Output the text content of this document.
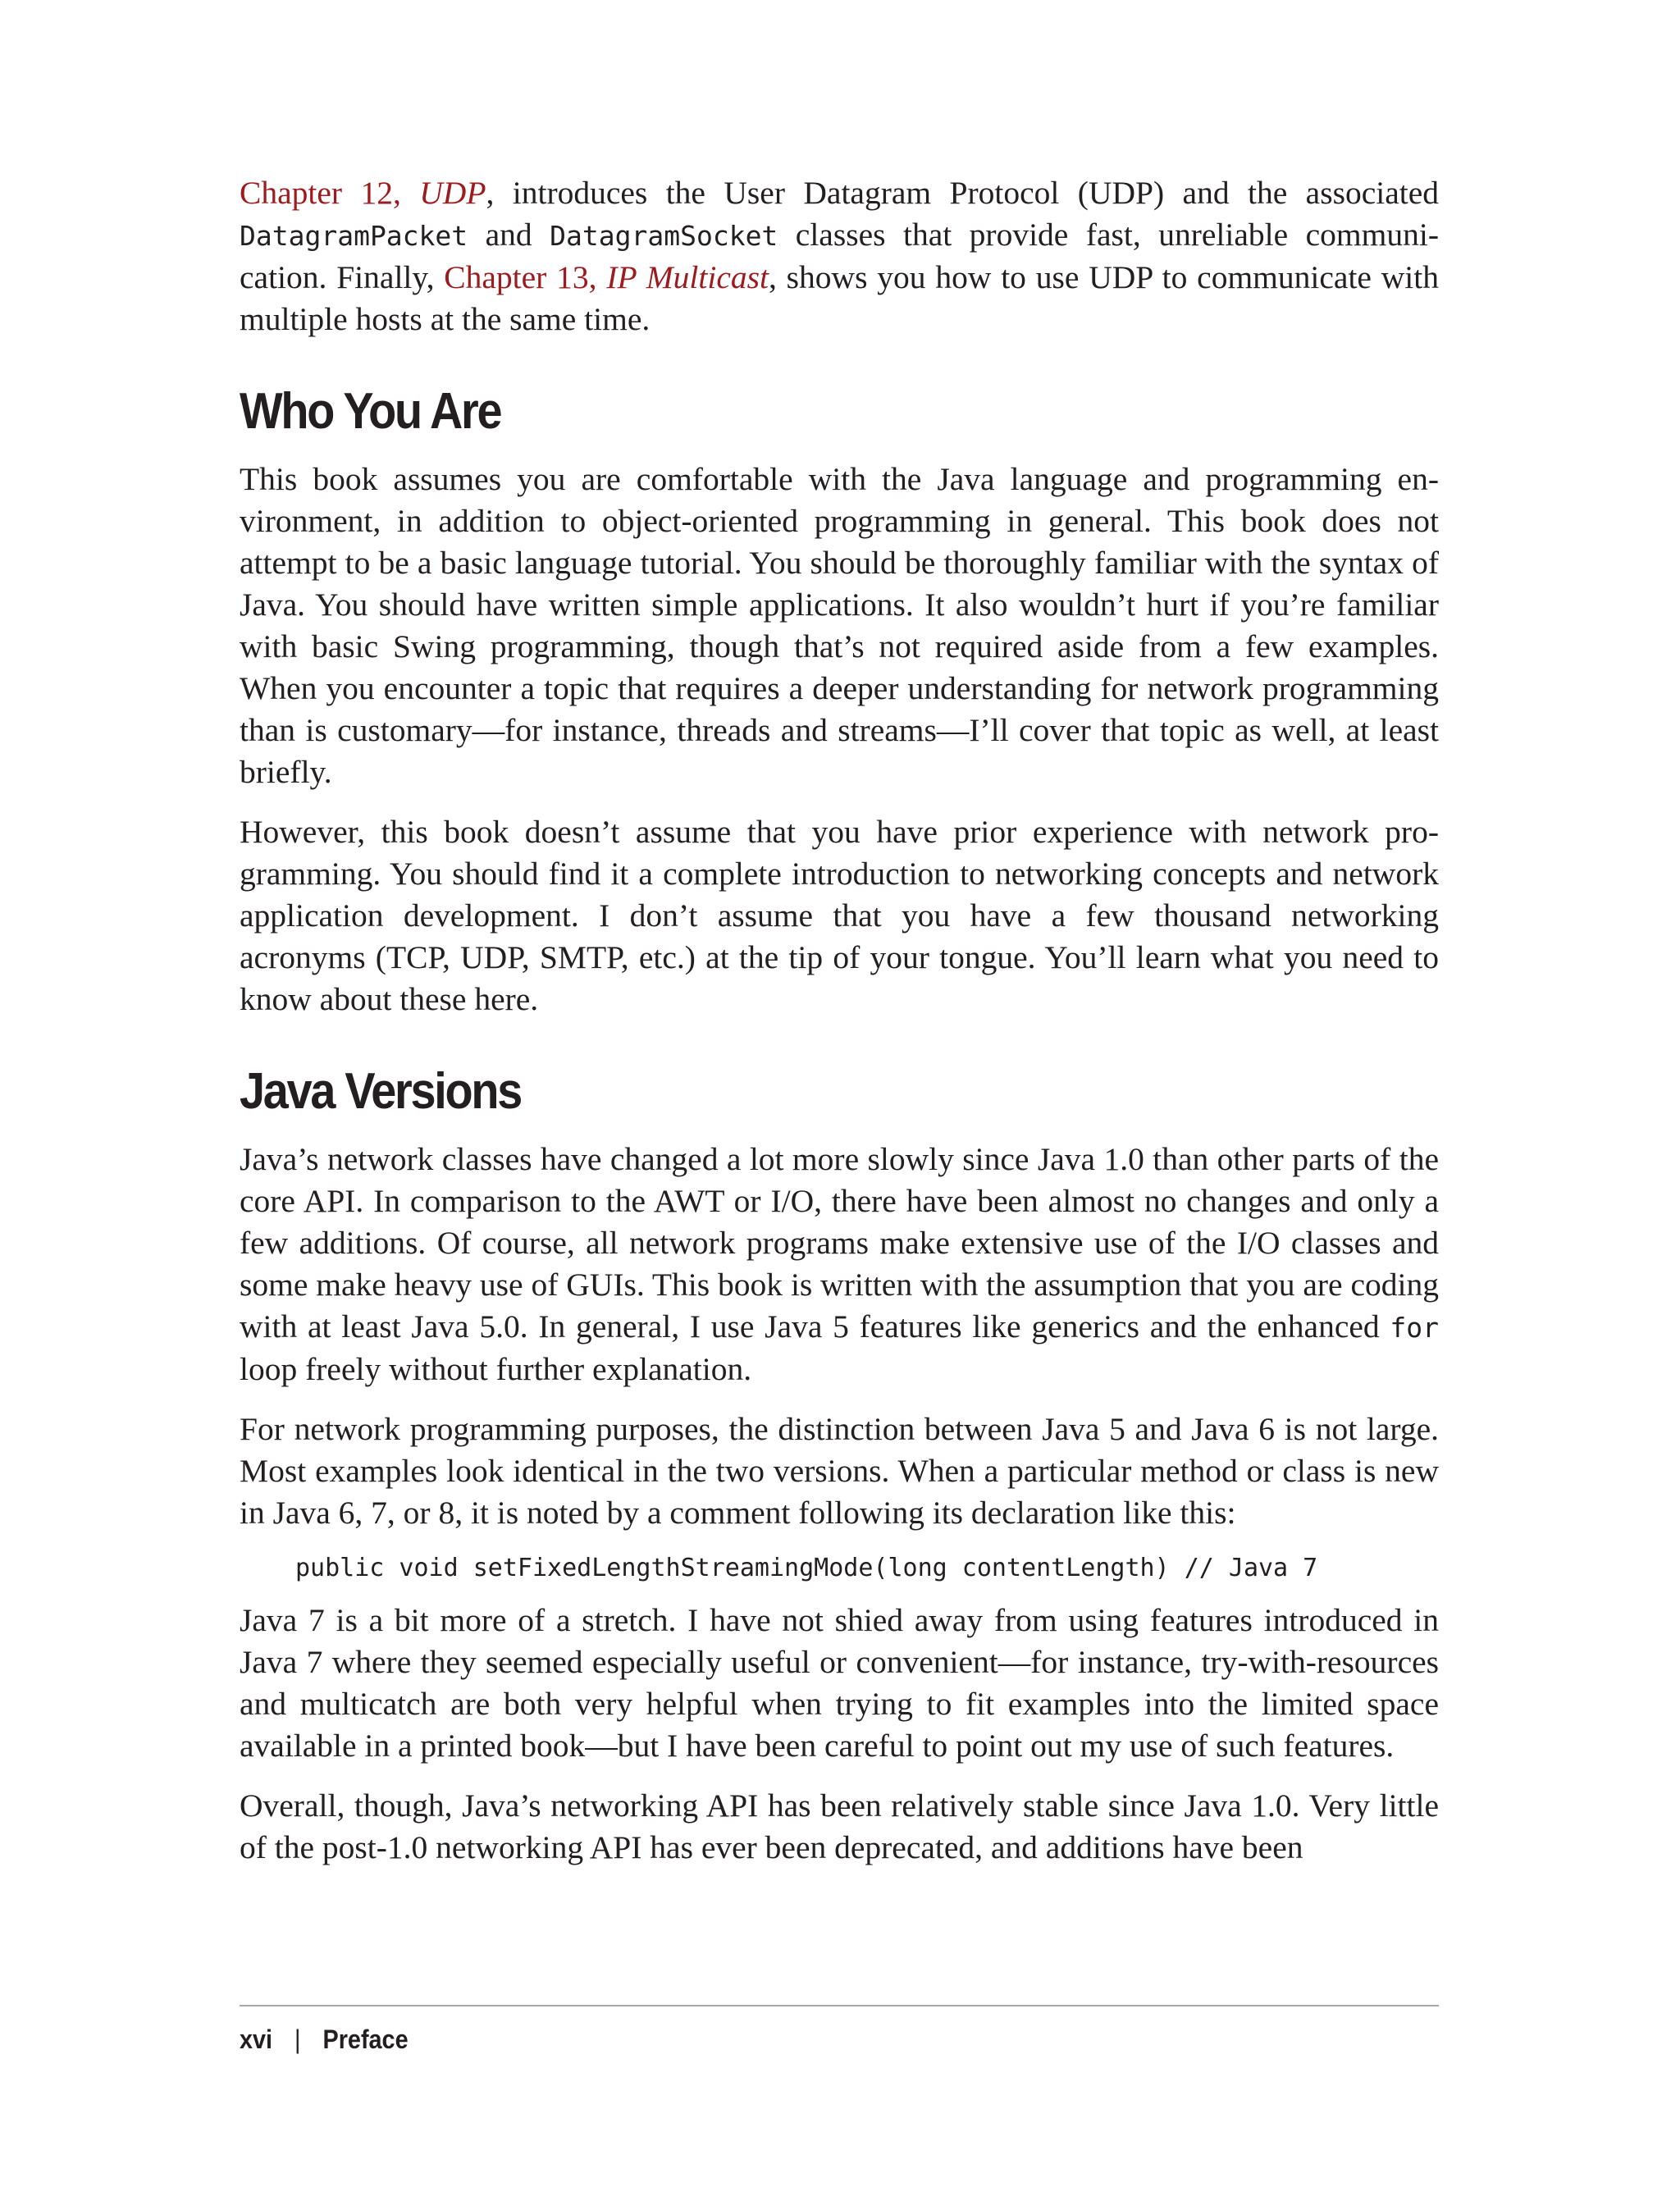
Chapter 12, UDP, introduces the User Datagram Protocol (UDP) and the associated DatagramPacket and DatagramSocket classes that provide fast, unreliable communication. Finally, Chapter 13, IP Multicast, shows you how to use UDP to communicate with multiple hosts at the same time.

Who You Are

This book assumes you are comfortable with the Java language and programming environment, in addition to object-oriented programming in general. This book does not attempt to be a basic language tutorial. You should be thoroughly familiar with the syntax of Java. You should have written simple applications. It also wouldn’t hurt if you’re familiar with basic Swing programming, though that’s not required aside from a few examples. When you encounter a topic that requires a deeper understanding for network programming than is customary—for instance, threads and streams—I’ll cover that topic as well, at least briefly.

However, this book doesn’t assume that you have prior experience with network programming. You should find it a complete introduction to networking concepts and network application development. I don’t assume that you have a few thousand networking acronyms (TCP, UDP, SMTP, etc.) at the tip of your tongue. You’ll learn what you need to know about these here.

Java Versions

Java’s network classes have changed a lot more slowly since Java 1.0 than other parts of the core API. In comparison to the AWT or I/O, there have been almost no changes and only a few additions. Of course, all network programs make extensive use of the I/O classes and some make heavy use of GUIs. This book is written with the assumption that you are coding with at least Java 5.0. In general, I use Java 5 features like generics and the enhanced for loop freely without further explanation.

For network programming purposes, the distinction between Java 5 and Java 6 is not large. Most examples look identical in the two versions. When a particular method or class is new in Java 6, 7, or 8, it is noted by a comment following its declaration like this:

public void setFixedLengthStreamingMode(long contentLength) // Java 7

Java 7 is a bit more of a stretch. I have not shied away from using features introduced in Java 7 where they seemed especially useful or convenient—for instance, try-with-resources and multicatch are both very helpful when trying to fit examples into the limited space available in a printed book—but I have been careful to point out my use of such features.

Overall, though, Java’s networking API has been relatively stable since Java 1.0. Very little of the post-1.0 networking API has ever been deprecated, and additions have been

xvi | Preface
